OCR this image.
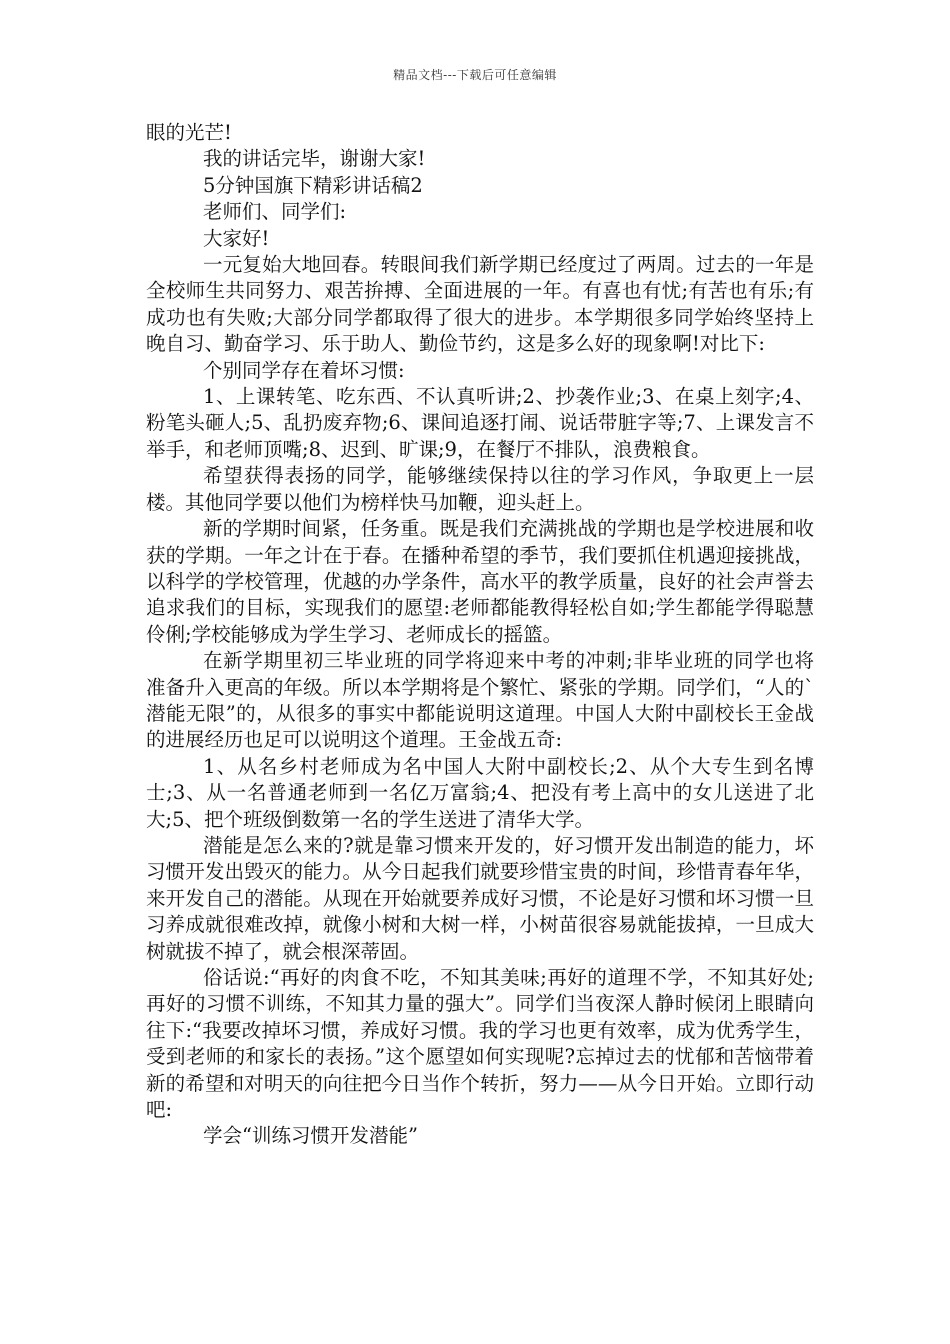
精品文档---下载后可任意编辑

眼的光芒!

我的讲话完毕，谢谢大家!

5分钟国旗下精彩讲话稿2

老师们、同学们:

大家好!

一元复始大地回春。转眼间我们新学期已经度过了两周。过去的一年是全校师生共同努力、艰苦拚搏、全面进展的一年。有喜也有忧;有苦也有乐;有成功也有失败;大部分同学都取得了很大的进步。本学期很多同学始终坚持上晚自习、勤奋学习、乐于助人、勤俭节约，这是多么好的现象啊!对比下:

个别同学存在着坏习惯:

1、上课转笔、吃东西、不认真听讲;2、抄袭作业;3、在桌上刻字;4、粉笔头砸人;5、乱扔废弃物;6、课间追逐打闹、说话带脏字等;7、上课发言不举手，和老师顶嘴;8、迟到、旷课;9，在餐厅不排队，浪费粮食。

希望获得表扬的同学，能够继续保持以往的学习作风，争取更上一层楼。其他同学要以他们为榜样快马加鞭，迎头赶上。

新的学期时间紧，任务重。既是我们充满挑战的学期也是学校进展和收获的学期。一年之计在于春。在播种希望的季节，我们要抓住机遇迎接挑战，以科学的学校管理，优越的办学条件，高水平的教学质量，良好的社会声誉去追求我们的目标，实现我们的愿望:老师都能教得轻松自如;学生都能学得聪慧伶俐;学校能够成为学生学习、老师成长的摇篮。

在新学期里初三毕业班的同学将迎来中考的冲刺;非毕业班的同学也将准备升入更高的年级。所以本学期将是个繁忙、紧张的学期。同学们，“人的`潜能无限”的，从很多的事实中都能说明这道理。中国人大附中副校长王金战的进展经历也足可以说明这个道理。王金战五奇:

1、从名乡村老师成为名中国人大附中副校长;2、从个大专生到名博士;3、从一名普通老师到一名亿万富翁;4、把没有考上高中的女儿送进了北大;5、把个班级倒数第一名的学生送进了清华大学。

潜能是怎么来的?就是靠习惯来开发的，好习惯开发出制造的能力，坏习惯开发出毁灭的能力。从今日起我们就要珍惜宝贵的时间，珍惜青春年华，来开发自己的潜能。从现在开始就要养成好习惯，不论是好习惯和坏习惯一旦习养成就很难改掉，就像小树和大树一样，小树苗很容易就能拔掉，一旦成大树就拔不掉了，就会根深蒂固。

俗话说:“再好的肉食不吃，不知其美味;再好的道理不学，不知其好处;再好的习惯不训练，不知其力量的强大”。同学们当夜深人静时候闭上眼睛向往下:“我要改掉坏习惯，养成好习惯。我的学习也更有效率，成为优秀学生，受到老师的和家长的表扬。”这个愿望如何实现呢?忘掉过去的忧郁和苦恼带着新的希望和对明天的向往把今日当作个转折，努力——从今日开始。立即行动吧:

学会“训练习惯开发潜能”
